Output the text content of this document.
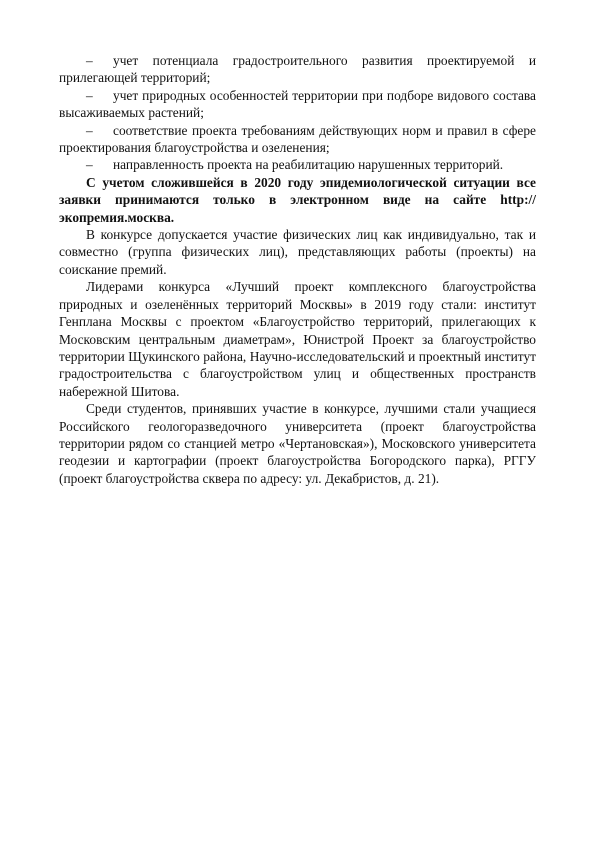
– учет потенциала градостроительного развития проектируемой и прилегающей территорий;

– учет природных особенностей территории при подборе видового состава высаживаемых растений;

– соответствие проекта требованиям действующих норм и правил в сфере проектирования благоустройства и озеленения;

– направленность проекта на реабилитацию нарушенных территорий.

С учетом сложившейся в 2020 году эпидемиологической ситуации все заявки принимаются только в электронном виде на сайте http://экопремия.москва.

В конкурсе допускается участие физических лиц как индивидуально, так и совместно (группа физических лиц), представляющих работы (проекты) на соискание премий.

Лидерами конкурса «Лучший проект комплексного благоустройства природных и озеленённых территорий Москвы» в 2019 году стали: институт Генплана Москвы с проектом «Благоустройство территорий, прилегающих к Московским центральным диаметрам», Юнистрой Проект за благоустройство территории Щукинского района, Научно-исследовательский и проектный институт градостроительства с благоустройством улиц и общественных пространств набережной Шитова.

Среди студентов, принявших участие в конкурсе, лучшими стали учащиеся Российского геологоразведочного университета (проект благоустройства территории рядом со станцией метро «Чертановская»), Московского университета геодезии и картографии (проект благоустройства Богородского парка), РГГУ (проект благоустройства сквера по адресу: ул. Декабристов, д. 21).
